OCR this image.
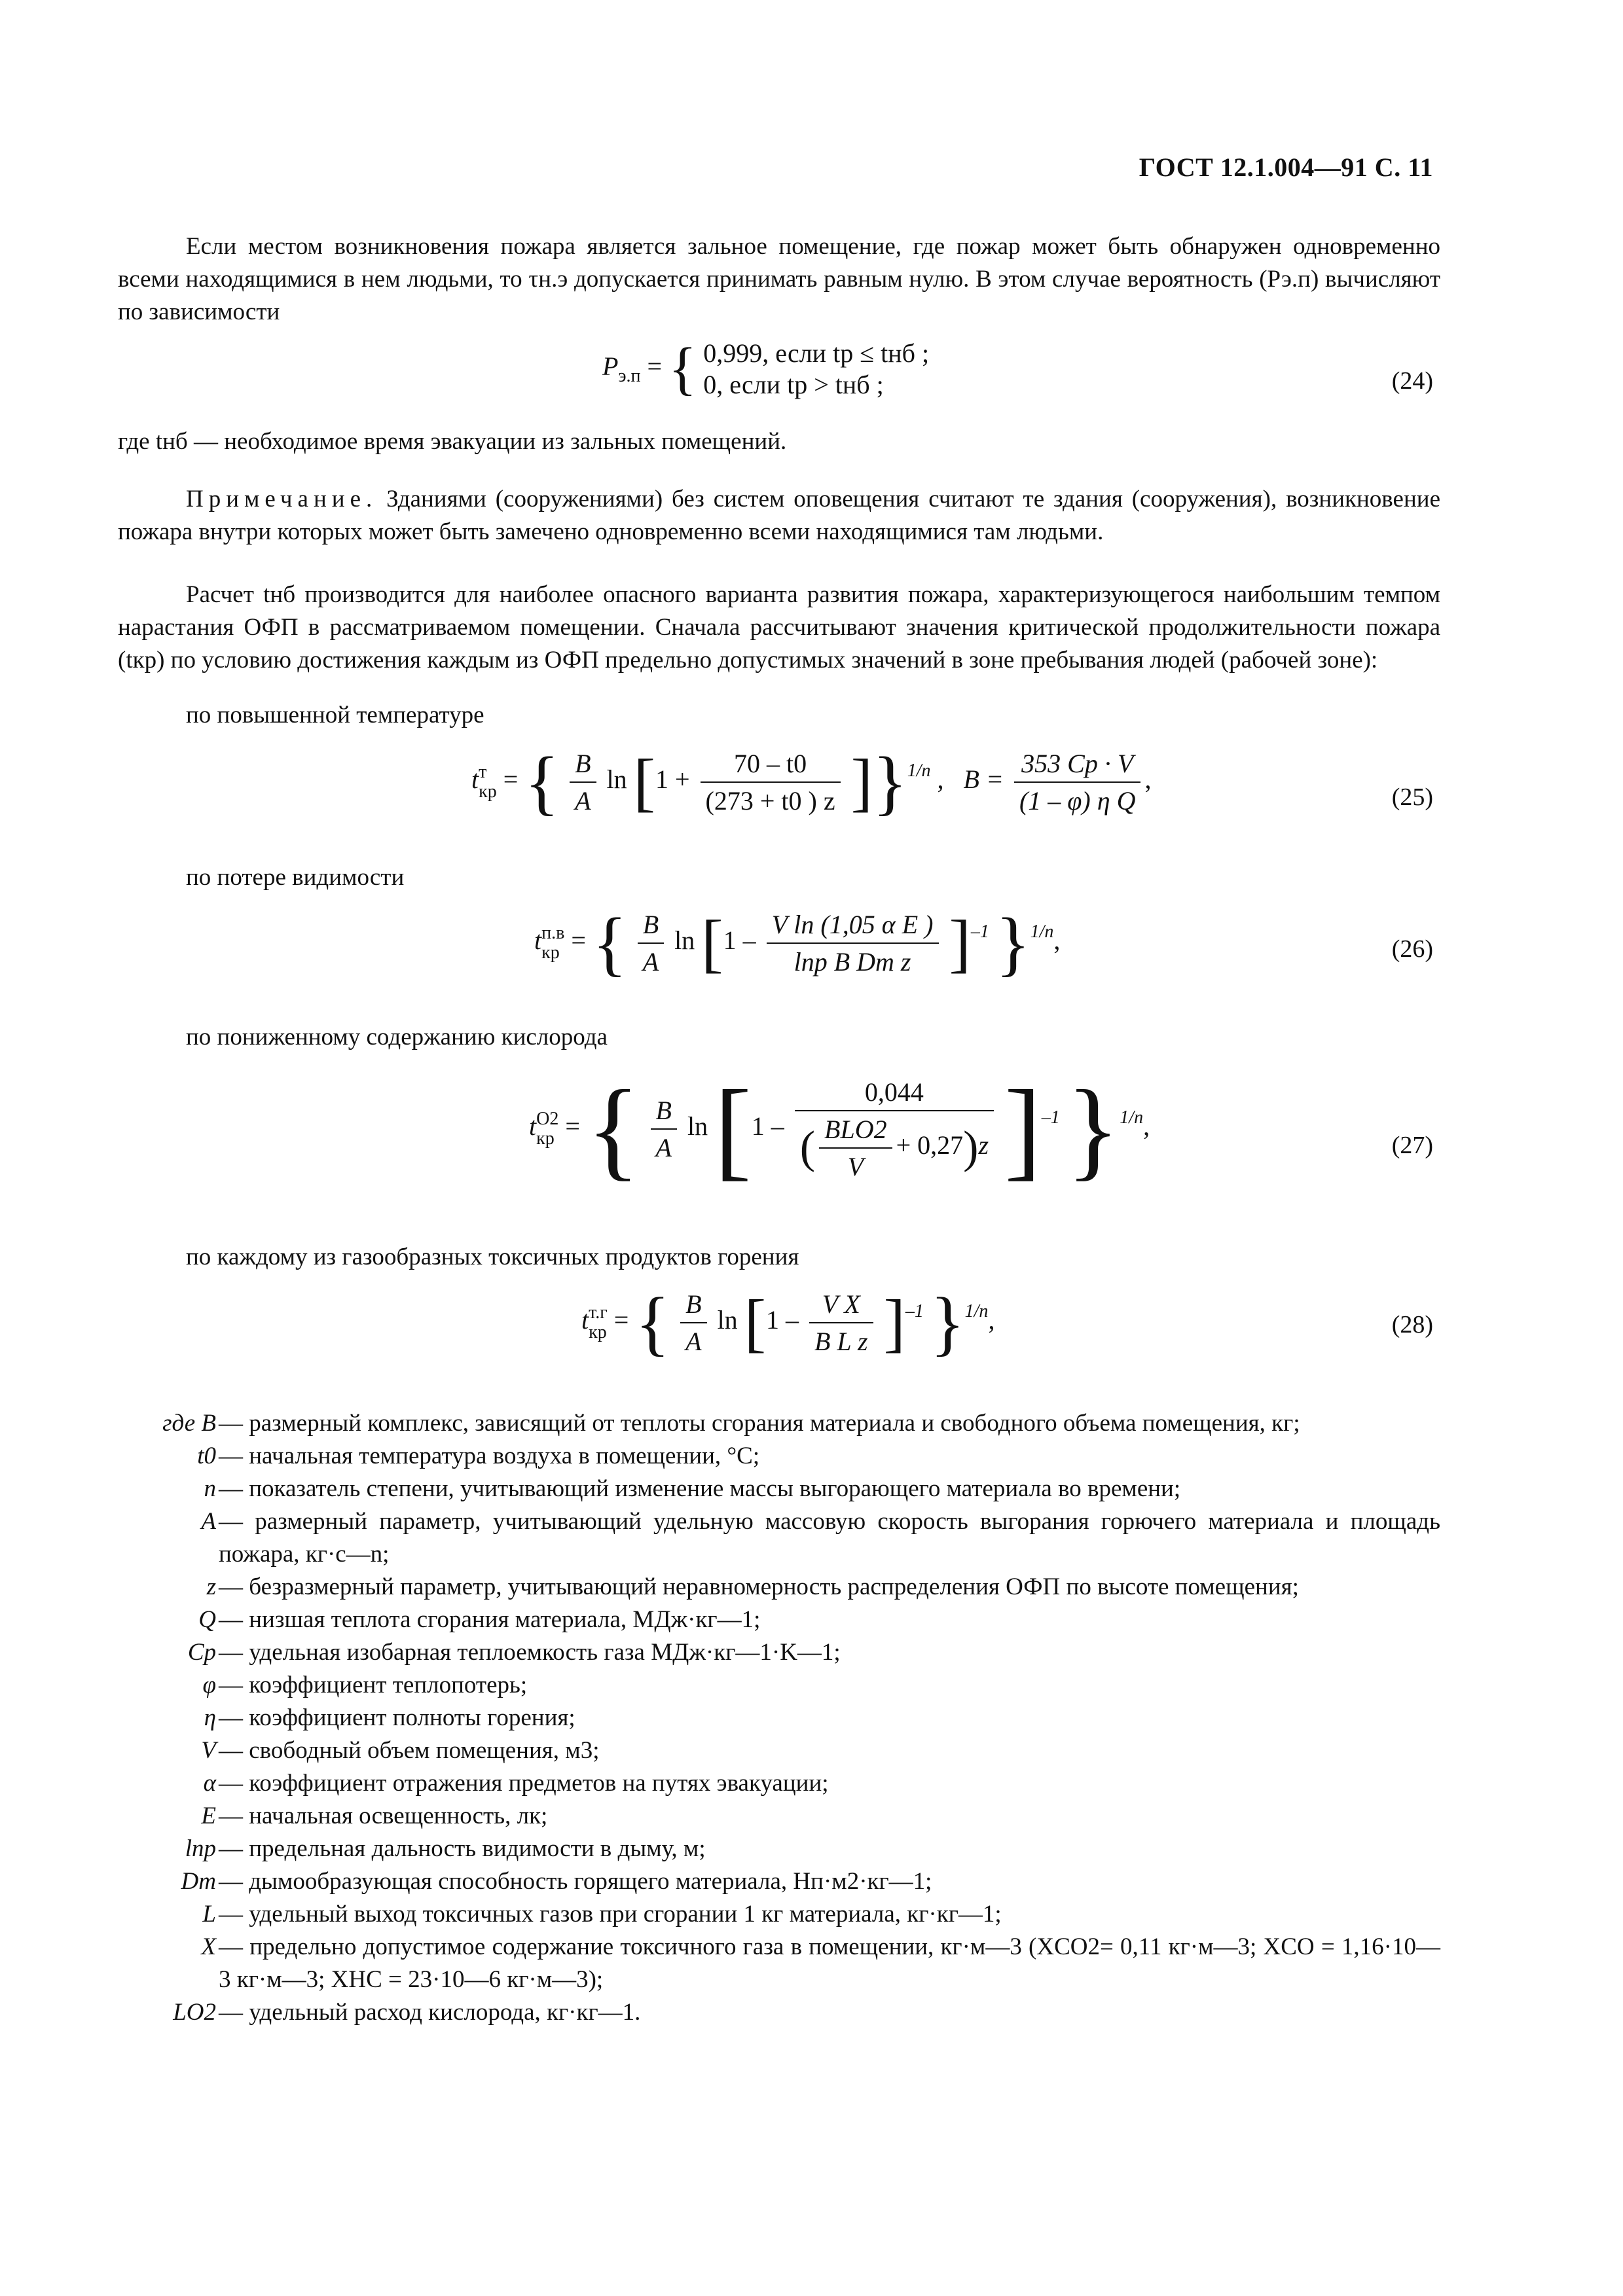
ГОСТ 12.1.004—91 С. 11

Если местом возникновения пожара является зальное помещение, где пожар может быть обнаружен одновременно всеми находящимися в нем людьми, то τн.э допускается принимать равным нулю. В этом случае вероятность (Рэ.п) вычисляют по зависимости

$P_{э.п}$ = { 0,999, если tр ≤ tнб ;
0, если tр > tнб ;	(24)

где tнб — необходимое время эвакуации из зальных помещений.

Примечание. Зданиями (сооружениями) без систем оповещения считают те здания (сооружения), возникновение пожара внутри которых может быть замечено одновременно всеми находящимися там людьми.

Расчет tнб производится для наиболее опасного варианта развития пожара, характеризующегося наибольшим темпом нарастания ОФП в рассматриваемом помещении. Сначала рассчитывают значения критической продолжительности пожара (tкр) по условию достижения каждым из ОФП предельно допустимых значений в зоне пребывания людей (рабочей зоне):

по повышенной температуре
t т
кр = { $\frac{B}{A}$ $\ln [1 + \frac{70 - t0}{(273 + t0 ) z} ]\}^{1/n}$ ,   $B = \frac{353 Cp \cdot V}{\text{(1 – φ) η Q}}$ ,
(25)
по потере видимости
t п.в
кр = { $\frac{B}{A}$ $\ln [1 - \frac{\text{V ln (1,05 α E )}}{\text{lпр B Dm z}} ]^{-1}$ }$^{1/n}$,	(26)
по пониженному содержанию кислорода
t O2
кр = { $\frac{B}{A}$ $\ln [1 - \frac{0,044}{( \frac{\text{BLO2}}{V} + 0,27)z} ]^{-1}$ }$^{1/n}$,
(27)
по каждому из газообразных токсичных продуктов горения
t т.г
кр = { $\frac{B}{A}$ $\ln [1 - \frac{\text{V X}}{\text{B L z}} ]^{-1}$ }$^{1/n}$,	(28)
где B — размерный комплекс, зависящий от теплоты сгорания материала и свободного объема помещения, кг;
t0 — начальная температура воздуха в помещении, °C;
n — показатель степени, учитывающий изменение массы выгорающего материала во времени;
A — размерный параметр, учитывающий удельную массовую скорость выгорания горючего материала и площадь пожара, кг·с—n;
z — безразмерный параметр, учитывающий неравномерность распределения ОФП по высоте помещения;
Q — низшая теплота сгорания материала, МДж·кг—1;
Cр — удельная изобарная теплоемкость газа МДж·кг—1·K—1;
φ — коэффициент теплопотерь;
η — коэффициент полноты горения;
V — свободный объем помещения, м3;
α — коэффициент отражения предметов на путях эвакуации;
E — начальная освещенность, лк;
lпр — предельная дальность видимости в дыму, м;
Dm — дымообразующая способность горящего материала, Нп·м2·кг—1;
L — удельный выход токсичных газов при сгорании 1 кг материала, кг·кг—1;
X — предельно допустимое содержание токсичного газа в помещении, кг·м—3 (XCO2= 0,11 кг·м—3; XCO = 1,16·10—3 кг·м—3; XHC = 23·10—6 кг·м—3);
LO2 — удельный расход кислорода, кг·кг—1.
